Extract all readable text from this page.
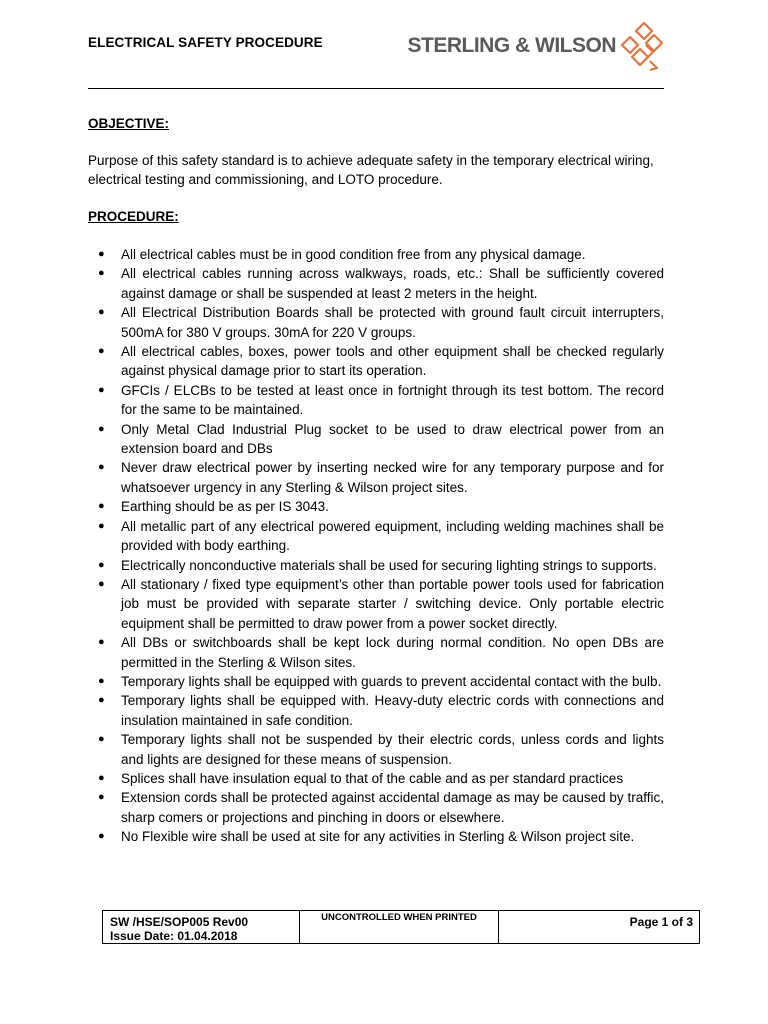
ELECTRICAL SAFETY PROCEDURE	STERLING & WILSON
OBJECTIVE:

Purpose of this safety standard is to achieve adequate safety in the temporary electrical wiring, electrical testing and commissioning, and LOTO procedure.

PROCEDURE:
● All electrical cables must be in good condition free from any physical damage.
● All electrical cables running across walkways, roads, etc.: Shall be sufficiently covered against damage or shall be suspended at least 2 meters in the height.
● All Electrical Distribution Boards shall be protected with ground fault circuit interrupters, 500mA for 380 V groups. 30mA for 220 V groups.
● All electrical cables, boxes, power tools and other equipment shall be checked regularly against physical damage prior to start its operation.
● GFCIs / ELCBs to be tested at least once in fortnight through its test bottom. The record for the same to be maintained.
● Only Metal Clad Industrial Plug socket to be used to draw electrical power from an extension board and DBs
● Never draw electrical power by inserting necked wire for any temporary purpose and for whatsoever urgency in any Sterling & Wilson project sites.
● Earthing should be as per IS 3043.
● All metallic part of any electrical powered equipment, including welding machines shall be provided with body earthing.
● Electrically nonconductive materials shall be used for securing lighting strings to supports.
● All stationary / fixed type equipment’s other than portable power tools used for fabrication job must be provided with separate starter / switching device. Only portable electric equipment shall be permitted to draw power from a power socket directly.
● All DBs or switchboards shall be kept lock during normal condition. No open DBs are permitted in the Sterling & Wilson sites.
● Temporary lights shall be equipped with guards to prevent accidental contact with the bulb.
● Temporary lights shall be equipped with. Heavy-duty electric cords with connections and insulation maintained in safe condition.
● Temporary lights shall not be suspended by their electric cords, unless cords and lights and lights are designed for these means of suspension.
● Splices shall have insulation equal to that of the cable and as per standard practices
● Extension cords shall be protected against accidental damage as may be caused by traffic, sharp comers or projections and pinching in doors or elsewhere.
● No Flexible wire shall be used at site for any activities in Sterling & Wilson project site.
SW /HSE/SOP005 Rev00
Issue Date: 01.04.2018
UNCONTROLLED WHEN PRINTED	Page 1 of 3
